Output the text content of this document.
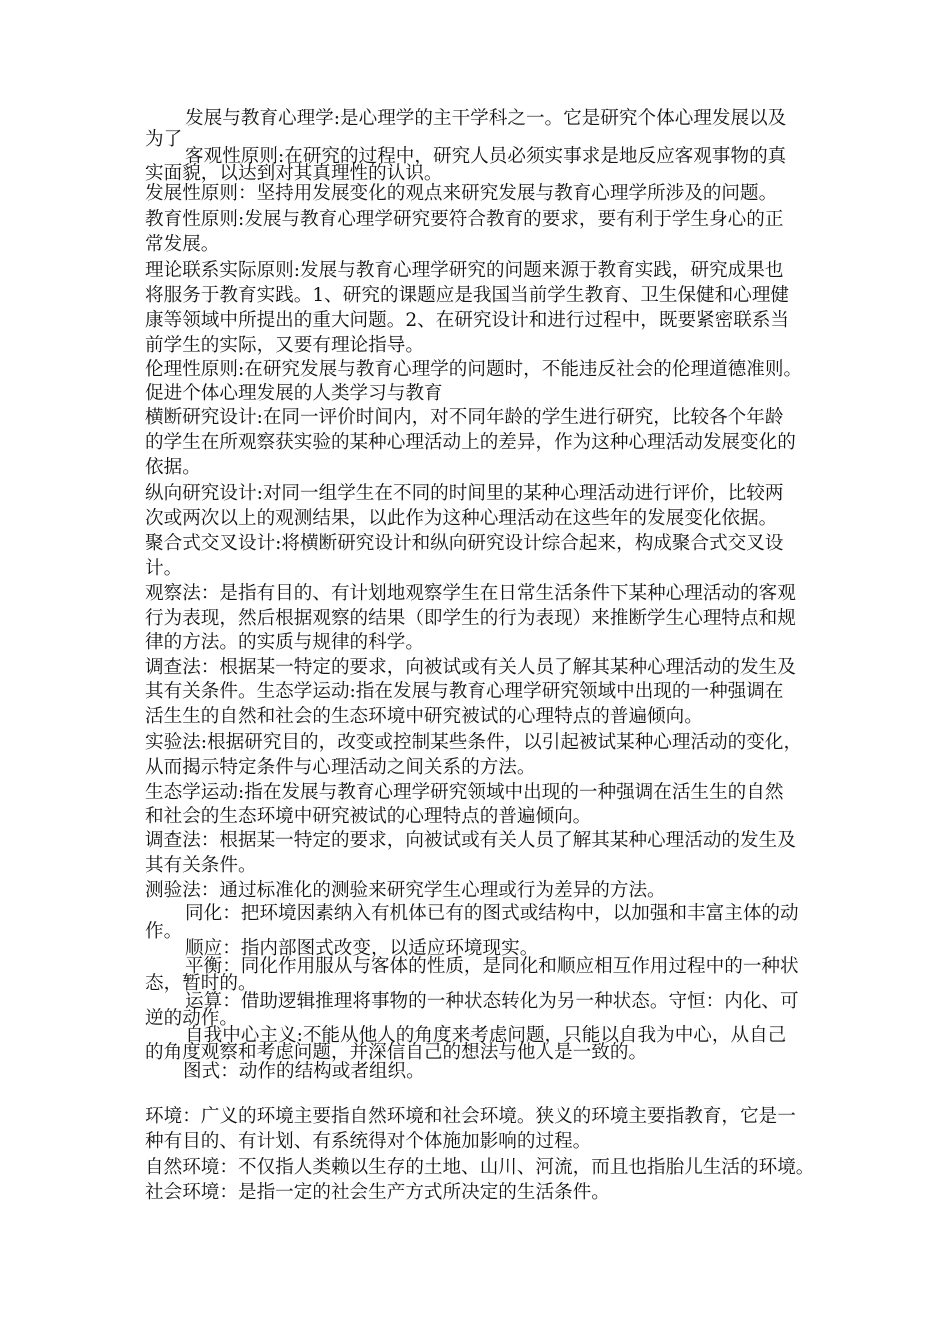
发展与教育心理学:是心理学的主干学科之一。它是研究个体心理发展以及

为了

客观性原则:在研究的过程中，研究人员必须实事求是地反应客观事物的真

实面貌，以达到对其真理性的认识。

发展性原则：坚持用发展变化的观点来研究发展与教育心理学所涉及的问题。

教育性原则:发展与教育心理学研究要符合教育的要求，要有利于学生身心的正

常发展。

理论联系实际原则:发展与教育心理学研究的问题来源于教育实践，研究成果也

将服务于教育实践。1、研究的课题应是我国当前学生教育、卫生保健和心理健

康等领域中所提出的重大问题。2、在研究设计和进行过程中，既要紧密联系当

前学生的实际，又要有理论指导。

伦理性原则:在研究发展与教育心理学的问题时，不能违反社会的伦理道德准则。

促进个体心理发展的人类学习与教育

横断研究设计:在同一评价时间内，对不同年龄的学生进行研究，比较各个年龄

的学生在所观察获实验的某种心理活动上的差异，作为这种心理活动发展变化的

依据。

纵向研究设计:对同一组学生在不同的时间里的某种心理活动进行评价，比较两

次或两次以上的观测结果，以此作为这种心理活动在这些年的发展变化依据。

聚合式交叉设计:将横断研究设计和纵向研究设计综合起来，构成聚合式交叉设

计。

观察法：是指有目的、有计划地观察学生在日常生活条件下某种心理活动的客观

行为表现，然后根据观察的结果（即学生的行为表现）来推断学生心理特点和规

律的方法。的实质与规律的科学。

调查法：根据某一特定的要求，向被试或有关人员了解其某种心理活动的发生及

其有关条件。生态学运动:指在发展与教育心理学研究领域中出现的一种强调在

活生生的自然和社会的生态环境中研究被试的心理特点的普遍倾向。

实验法:根据研究目的，改变或控制某些条件，以引起被试某种心理活动的变化，

从而揭示特定条件与心理活动之间关系的方法。

生态学运动:指在发展与教育心理学研究领域中出现的一种强调在活生生的自然

和社会的生态环境中研究被试的心理特点的普遍倾向。

调查法：根据某一特定的要求，向被试或有关人员了解其某种心理活动的发生及

其有关条件。

测验法：通过标准化的测验来研究学生心理或行为差异的方法。

同化：把环境因素纳入有机体已有的图式或结构中，以加强和丰富主体的动

作。

顺应：指内部图式改变，以适应环境现实。

平衡：同化作用服从与客体的性质，是同化和顺应相互作用过程中的一种状

态，暂时的。

运算：借助逻辑推理将事物的一种状态转化为另一种状态。守恒：内化、可

逆的动作。

自我中心主义:不能从他人的角度来考虑问题，只能以自我为中心，从自己

的角度观察和考虑问题，并深信自己的想法与他人是一致的。

图式：动作的结构或者组织。

环境：广义的环境主要指自然环境和社会环境。狭义的环境主要指教育，它是一

种有目的、有计划、有系统得对个体施加影响的过程。

自然环境：不仅指人类赖以生存的土地、山川、河流，而且也指胎儿生活的环境。

社会环境：是指一定的社会生产方式所决定的生活条件。
